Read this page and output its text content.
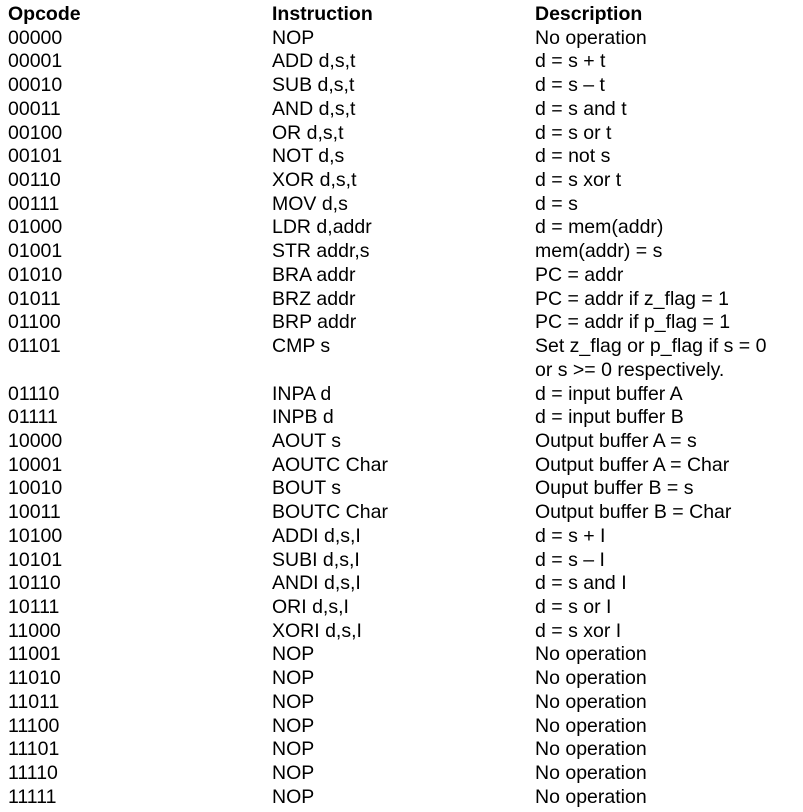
Opcode	Instruction	Description
00000	NOP	No operation
00001	ADD d,s,t	d = s + t
00010	SUB d,s,t	d = s – t
00011	AND d,s,t	d = s and t
00100	OR d,s,t	d = s or t
00101	NOT d,s	d = not s
00110	XOR d,s,t	d = s xor t
00111	MOV d,s	d = s
01000	LDR d,addr	d = mem(addr)
01001	STR addr,s	mem(addr) = s
01010	BRA addr	PC = addr
01011	BRZ addr	PC = addr if z_flag = 1
01100	BRP addr	PC = addr if p_flag = 1
01101	CMP s	Set z_flag or p_flag if s = 0
or s >= 0 respectively.
01110	INPA d	d = input buffer A
01111	INPB d	d = input buffer B
10000	AOUT s	Output buffer A = s
10001	AOUTC Char	Output buffer A = Char
10010	BOUT s	Ouput buffer B = s
10011	BOUTC Char	Output buffer B = Char
10100	ADDI d,s,I	d = s + I
10101	SUBI d,s,I	d = s – I
10110	ANDI d,s,I	d = s and I
10111	ORI d,s,I	d = s or I
11000	XORI d,s,I	d = s xor I
11001	NOP	No operation
11010	NOP	No operation
11011	NOP	No operation
11100	NOP	No operation
11101	NOP	No operation
11110	NOP	No operation
11111	NOP	No operation
